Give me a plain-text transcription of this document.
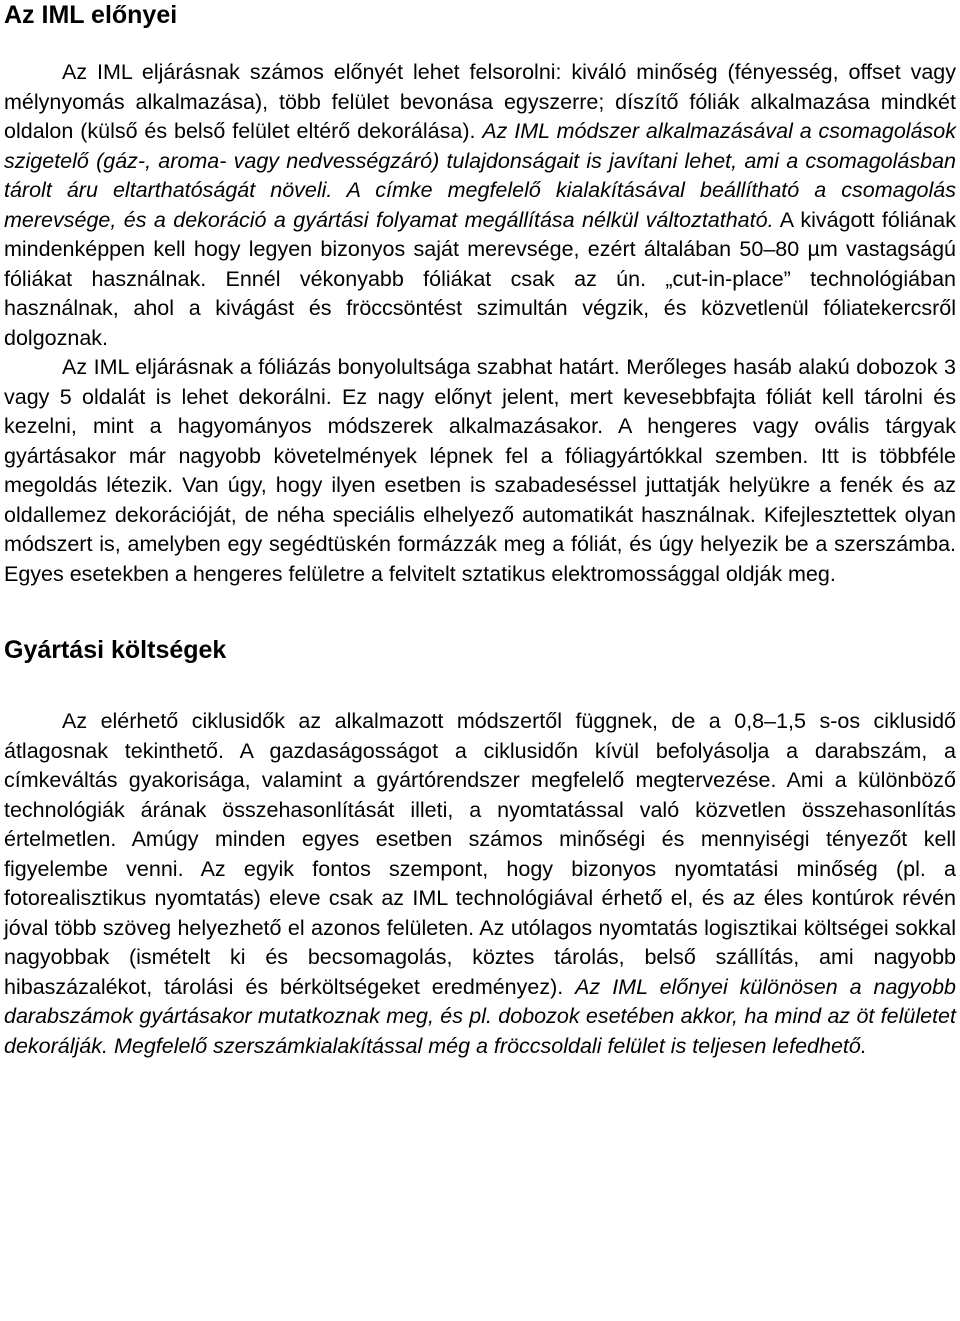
Az IML előnyei

Az IML eljárásnak számos előnyét lehet felsorolni: kiváló minőség (fényesség, offset vagy mélynyomás alkalmazása), több felület bevonása egyszerre; díszítő fóliák alkalmazása mindkét oldalon (külső és belső felület eltérő dekorálása). Az IML módszer alkalmazásával a csomagolások szigetelő (gáz-, aroma- vagy nedvességzáró) tulajdonságait is javítani lehet, ami a csomagolásban tárolt áru eltarthatóságát növeli. A címke megfelelő kialakításával beállítható a csomagolás merevsége, és a dekoráció a gyártási folyamat megállítása nélkül változtatható. A kivágott fóliának mindenképpen kell hogy legyen bizonyos saját merevsége, ezért általában 50–80 µm vastagságú fóliákat használnak. Ennél vékonyabb fóliákat csak az ún. „cut-in-place” technológiában használnak, ahol a kivágást és fröccsöntést szimultán végzik, és közvetlenül fóliatekercsről dolgoznak.

Az IML eljárásnak a fóliázás bonyolultsága szabhat határt. Merőleges hasáb alakú dobozok 3 vagy 5 oldalát is lehet dekorálni. Ez nagy előnyt jelent, mert kevesebbfajta fóliát kell tárolni és kezelni, mint a hagyományos módszerek alkalmazásakor. A hengeres vagy ovális tárgyak gyártásakor már nagyobb követelmények lépnek fel a fóliagyártókkal szemben. Itt is többféle megoldás létezik. Van úgy, hogy ilyen esetben is szabadeséssel juttatják helyükre a fenék és az oldallemez dekorációját, de néha speciális elhelyező automatikát használnak. Kifejlesztettek olyan módszert is, amelyben egy segédtüskén formázzák meg a fóliát, és úgy helyezik be a szerszámba. Egyes esetekben a hengeres felületre a felvitelt sztatikus elektromossággal oldják meg.

Gyártási költségek

Az elérhető ciklusidők az alkalmazott módszertől függnek, de a 0,8–1,5 s-os ciklusidő átlagosnak tekinthető. A gazdaságosságot a ciklusidőn kívül befolyásolja a darabszám, a címkeváltás gyakorisága, valamint a gyártórendszer megfelelő megtervezése. Ami a különböző technológiák árának összehasonlítását illeti, a nyomtatással való közvetlen összehasonlítás értelmetlen. Amúgy minden egyes esetben számos minőségi és mennyiségi tényezőt kell figyelembe venni. Az egyik fontos szempont, hogy bizonyos nyomtatási minőség (pl. a fotorealisztikus nyomtatás) eleve csak az IML technológiával érhető el, és az éles kontúrok révén jóval több szöveg helyezhető el azonos felületen. Az utólagos nyomtatás logisztikai költségei sokkal nagyobbak (ismételt ki és becsomagolás, köztes tárolás, belső szállítás, ami nagyobb hibaszázalékot, tárolási és bérköltségeket eredményez). Az IML előnyei különösen a nagyobb darabszámok gyártásakor mutatkoznak meg, és pl. dobozok esetében akkor, ha mind az öt felületet dekorálják. Megfelelő szerszámkialakítással még a fröccsoldali felület is teljesen lefedhető.
